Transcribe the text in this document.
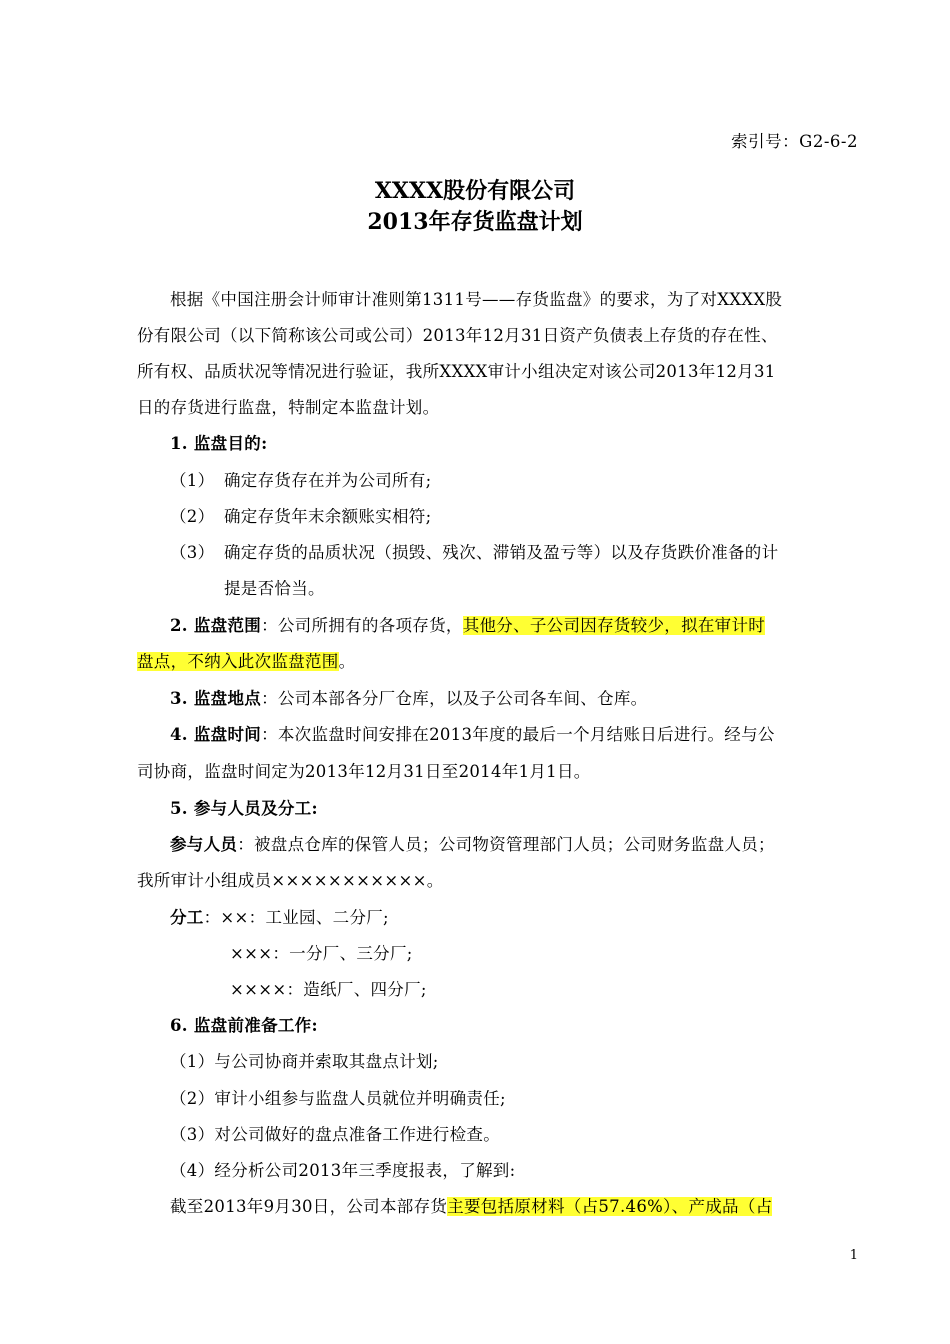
索引号：G2-6-2
XXXX股份有限公司
2013年存货监盘计划
根据《中国注册会计师审计准则第1311号——存货监盘》的要求，为了对XXXX股
份有限公司（以下简称该公司或公司）2013年12月31日资产负债表上存货的存在性、
所有权、品质状况等情况进行验证，我所XXXX审计小组决定对该公司2013年12月31
日的存货进行监盘，特制定本监盘计划。
1. 监盘目的:
（1） 确定存货存在并为公司所有;
（2） 确定存货年末余额账实相符;
（3） 确定存货的品质状况（损毁、残次、滞销及盈亏等）以及存货跌价准备的计
提是否恰当。
2. 监盘范围：公司所拥有的各项存货，其他分、子公司因存货较少，拟在审计时
盘点，不纳入此次监盘范围。
3. 监盘地点：公司本部各分厂仓库，以及子公司各车间、仓库。
4. 监盘时间：本次监盘时间安排在2013年度的最后一个月结账日后进行。经与公
司协商，监盘时间定为2013年12月31日至2014年1月1日。
5. 参与人员及分工:
参与人员：被盘点仓库的保管人员；公司物资管理部门人员；公司财务监盘人员；
我所审计小组成员×××××××××××。
分工：××：工业园、二分厂;
×××：一分厂、三分厂;
××××：造纸厂、四分厂;
6. 监盘前准备工作:
（1）与公司协商并索取其盘点计划;
（2）审计小组参与监盘人员就位并明确责任;
（3）对公司做好的盘点准备工作进行检查。
（4）经分析公司2013年三季度报表，了解到:
截至2013年9月30日，公司本部存货主要包括原材料（占57.46%）、产成品（占
1
